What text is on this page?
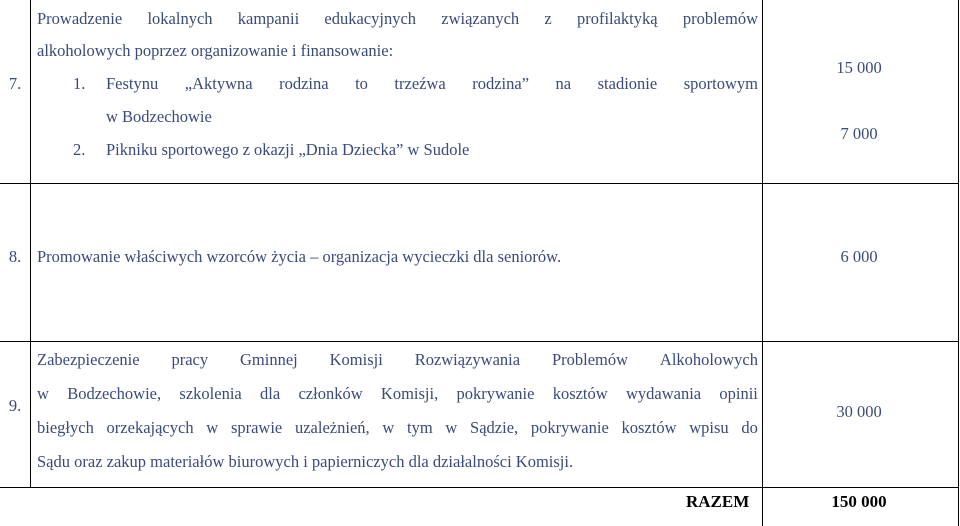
7.
Prowadzenie lokalnych kampanii edukacyjnych związanych z profilaktyką problemów
alkoholowych poprzez organizowanie i finansowanie:
1. Festynu „Aktywna rodzina to trzeźwa rodzina” na stadionie sportowym
w Bodzechowie
2. Pikniku sportowego z okazji „Dnia Dziecka” w Sudole
15 000
7 000
8. Promowanie właściwych wzorców życia – organizacja wycieczki dla seniorów.	6 000
9.
Zabezpieczenie pracy Gminnej Komisji Rozwiązywania Problemów Alkoholowych
w Bodzechowie, szkolenia dla członków Komisji, pokrywanie kosztów wydawania opinii
biegłych orzekających w sprawie uzależnień, w tym w Sądzie, pokrywanie kosztów wpisu do
Sądu oraz zakup materiałów biurowych i papierniczych dla działalności Komisji.
30 000
RAZEM	150 000
